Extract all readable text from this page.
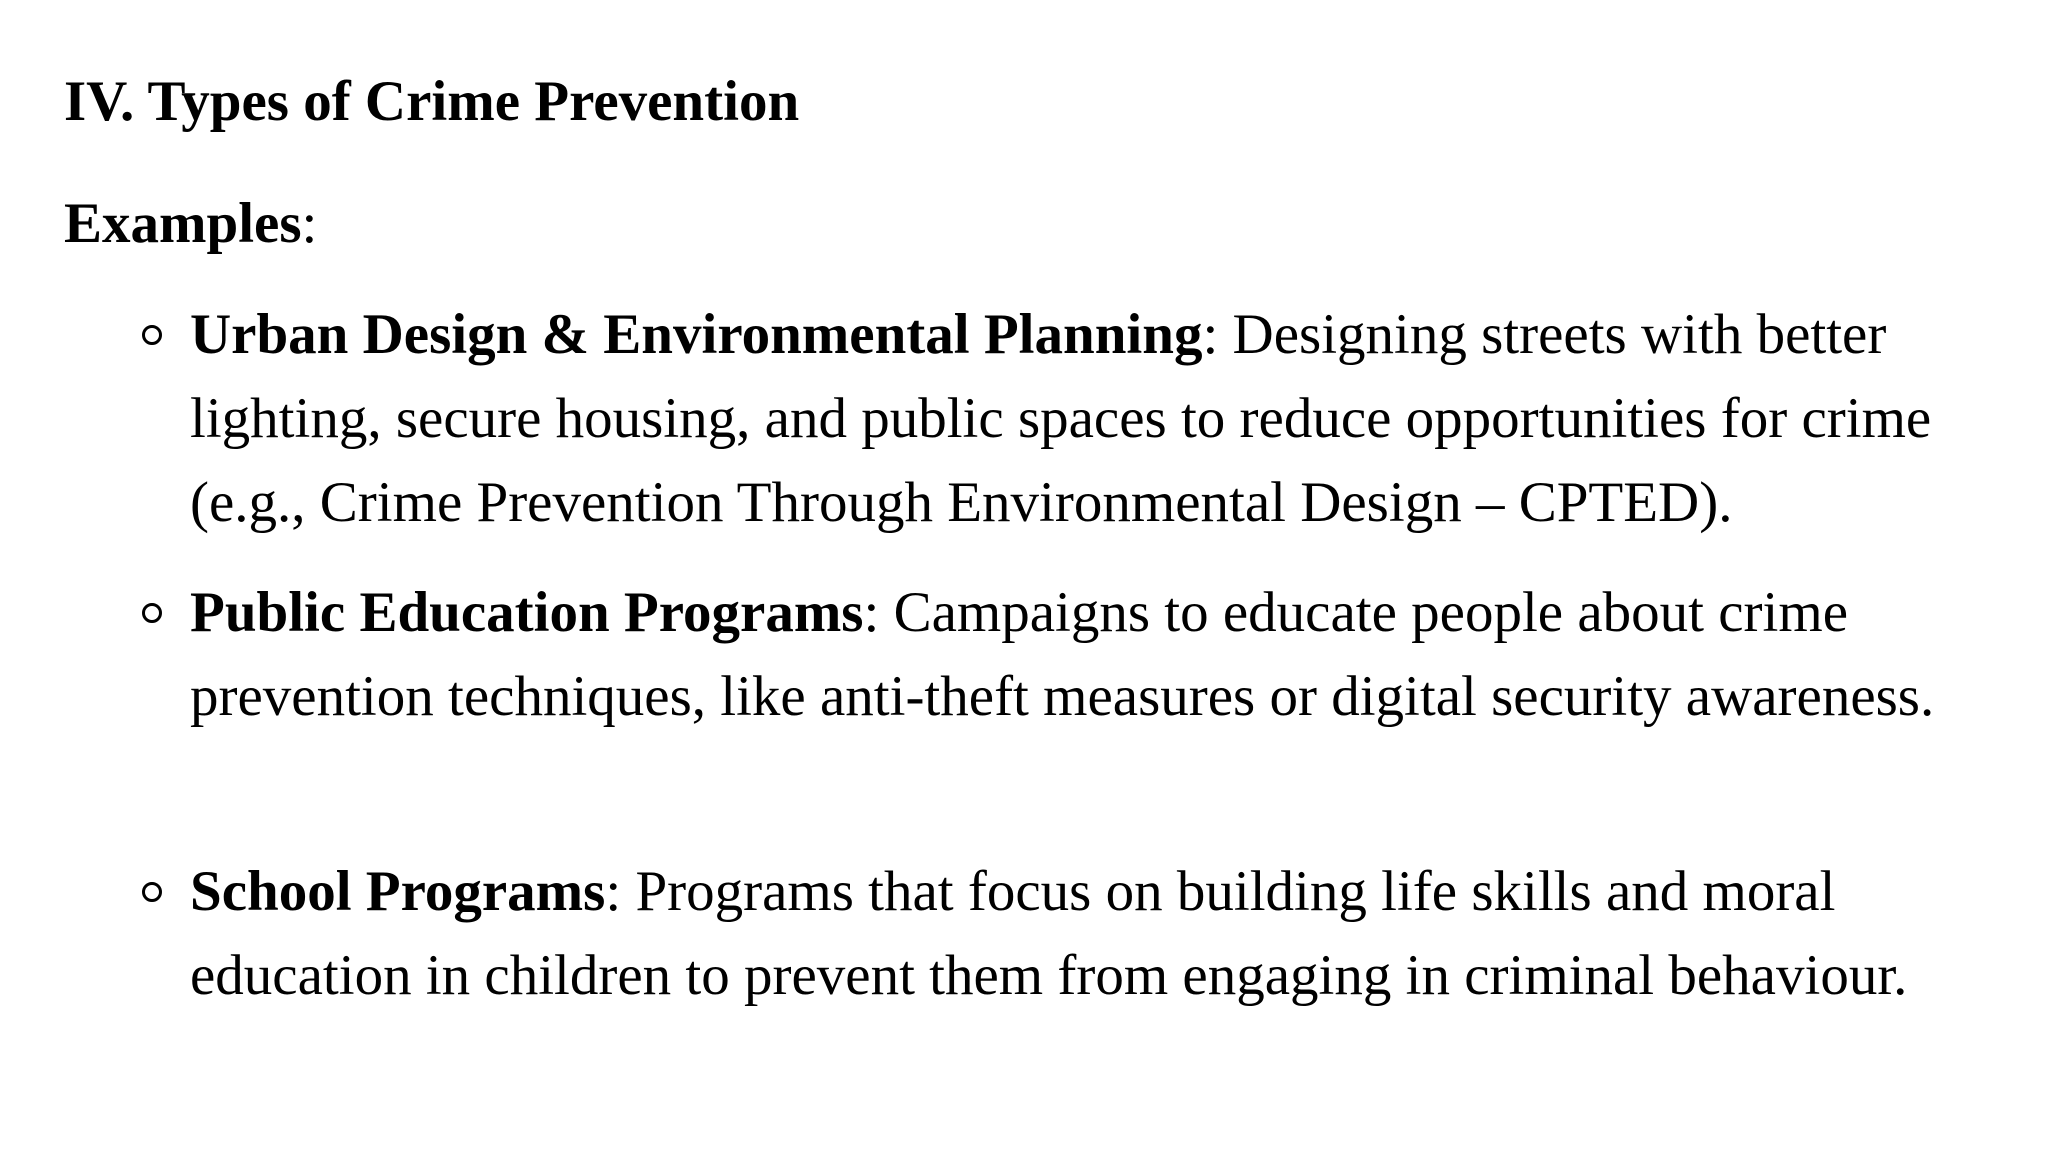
IV. Types of Crime Prevention

Examples:

Urban Design & Environmental Planning: Designing streets with better lighting, secure housing, and public spaces to reduce opportunities for crime (e.g., Crime Prevention Through Environmental Design – CPTED).
Public Education Programs: Campaigns to educate people about crime prevention techniques, like anti-theft measures or digital security awareness.
School Programs: Programs that focus on building life skills and moral education in children to prevent them from engaging in criminal behaviour.
